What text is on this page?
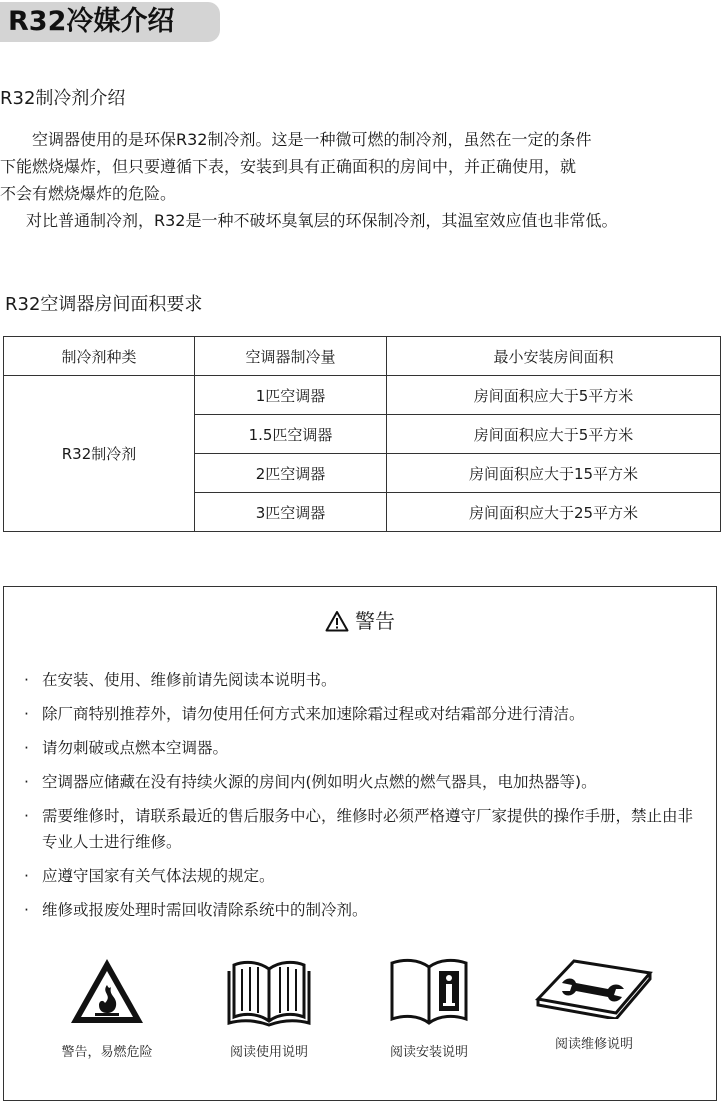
R32冷媒介绍
R32制冷剂介绍

空调器使用的是环保R32制冷剂。这是一种微可燃的制冷剂，虽然在一定的条件

下能燃烧爆炸，但只要遵循下表，安装到具有正确面积的房间中，并正确使用，就

不会有燃烧爆炸的危险。

对比普通制冷剂，R32是一种不破坏臭氧层的环保制冷剂，其温室效应值也非常低。

R32空调器房间面积要求
制冷剂种类	空调器制冷量	最小安装房间面积
R32制冷剂	1匹空调器	房间面积应大于5平方米
	1.5匹空调器	房间面积应大于5平方米
	2匹空调器	房间面积应大于15平方米
	3匹空调器	房间面积应大于25平方米
警告
· 在安装、使用、维修前请先阅读本说明书。
· 除厂商特别推荐外，请勿使用任何方式来加速除霜过程或对结霜部分进行清洁。
· 请勿刺破或点燃本空调器。
· 空调器应储藏在没有持续火源的房间内(例如明火点燃的燃气器具，电加热器等)。
· 需要维修时，请联系最近的售后服务中心，维修时必须严格遵守厂家提供的操作手册，禁止由非专业人士进行维修。
· 应遵守国家有关气体法规的规定。
· 维修或报废处理时需回收清除系统中的制冷剂。
警告，易燃危险	阅读使用说明	阅读安装说明
阅读维修说明
